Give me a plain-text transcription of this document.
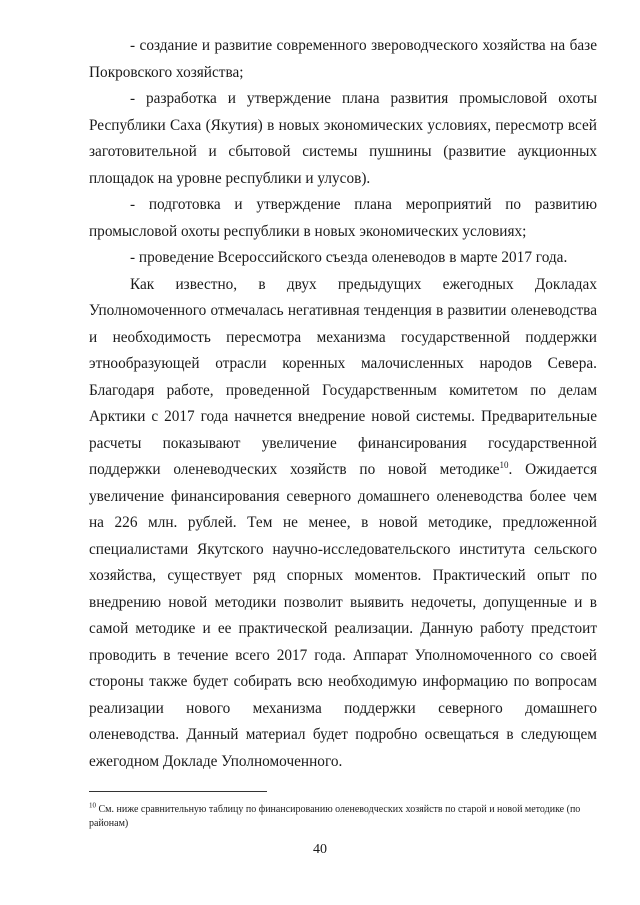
- создание и развитие современного звероводческого хозяйства на базе Покровского хозяйства;

- разработка и утверждение плана развития промысловой охоты Республики Саха (Якутия) в новых экономических условиях, пересмотр всей заготовительной и сбытовой системы пушнины (развитие аукционных площадок на уровне республики и улусов).

- подготовка и утверждение плана мероприятий по развитию промысловой охоты республики в новых экономических условиях;

- проведение Всероссийского съезда оленеводов в марте 2017 года.

Как известно, в двух предыдущих ежегодных Докладах Уполномоченного отмечалась негативная тенденция в развитии оленеводства и необходимость пересмотра механизма государственной поддержки этнообразующей отрасли коренных малочисленных народов Севера. Благодаря работе, проведенной Государственным комитетом по делам Арктики с 2017 года начнется внедрение новой системы. Предварительные расчеты показывают увеличение финансирования государственной поддержки оленеводческих хозяйств по новой методике$^{10}$. Ожидается увеличение финансирования северного домашнего оленеводства более чем на 226 млн. рублей. Тем не менее, в новой методике, предложенной специалистами Якутского научно-исследовательского института сельского хозяйства, существует ряд спорных моментов. Практический опыт по внедрению новой методики позволит выявить недочеты, допущенные и в самой методике и ее практической реализации. Данную работу предстоит проводить в течение всего 2017 года. Аппарат Уполномоченного со своей стороны также будет собирать всю необходимую информацию по вопросам реализации нового механизма поддержки северного домашнего оленеводства. Данный материал будет подробно освещаться в следующем ежегодном Докладе Уполномоченного.

$^{10}$ См. ниже сравнительную таблицу по финансированию оленеводческих хозяйств по старой и новой методике (по районам)
40
